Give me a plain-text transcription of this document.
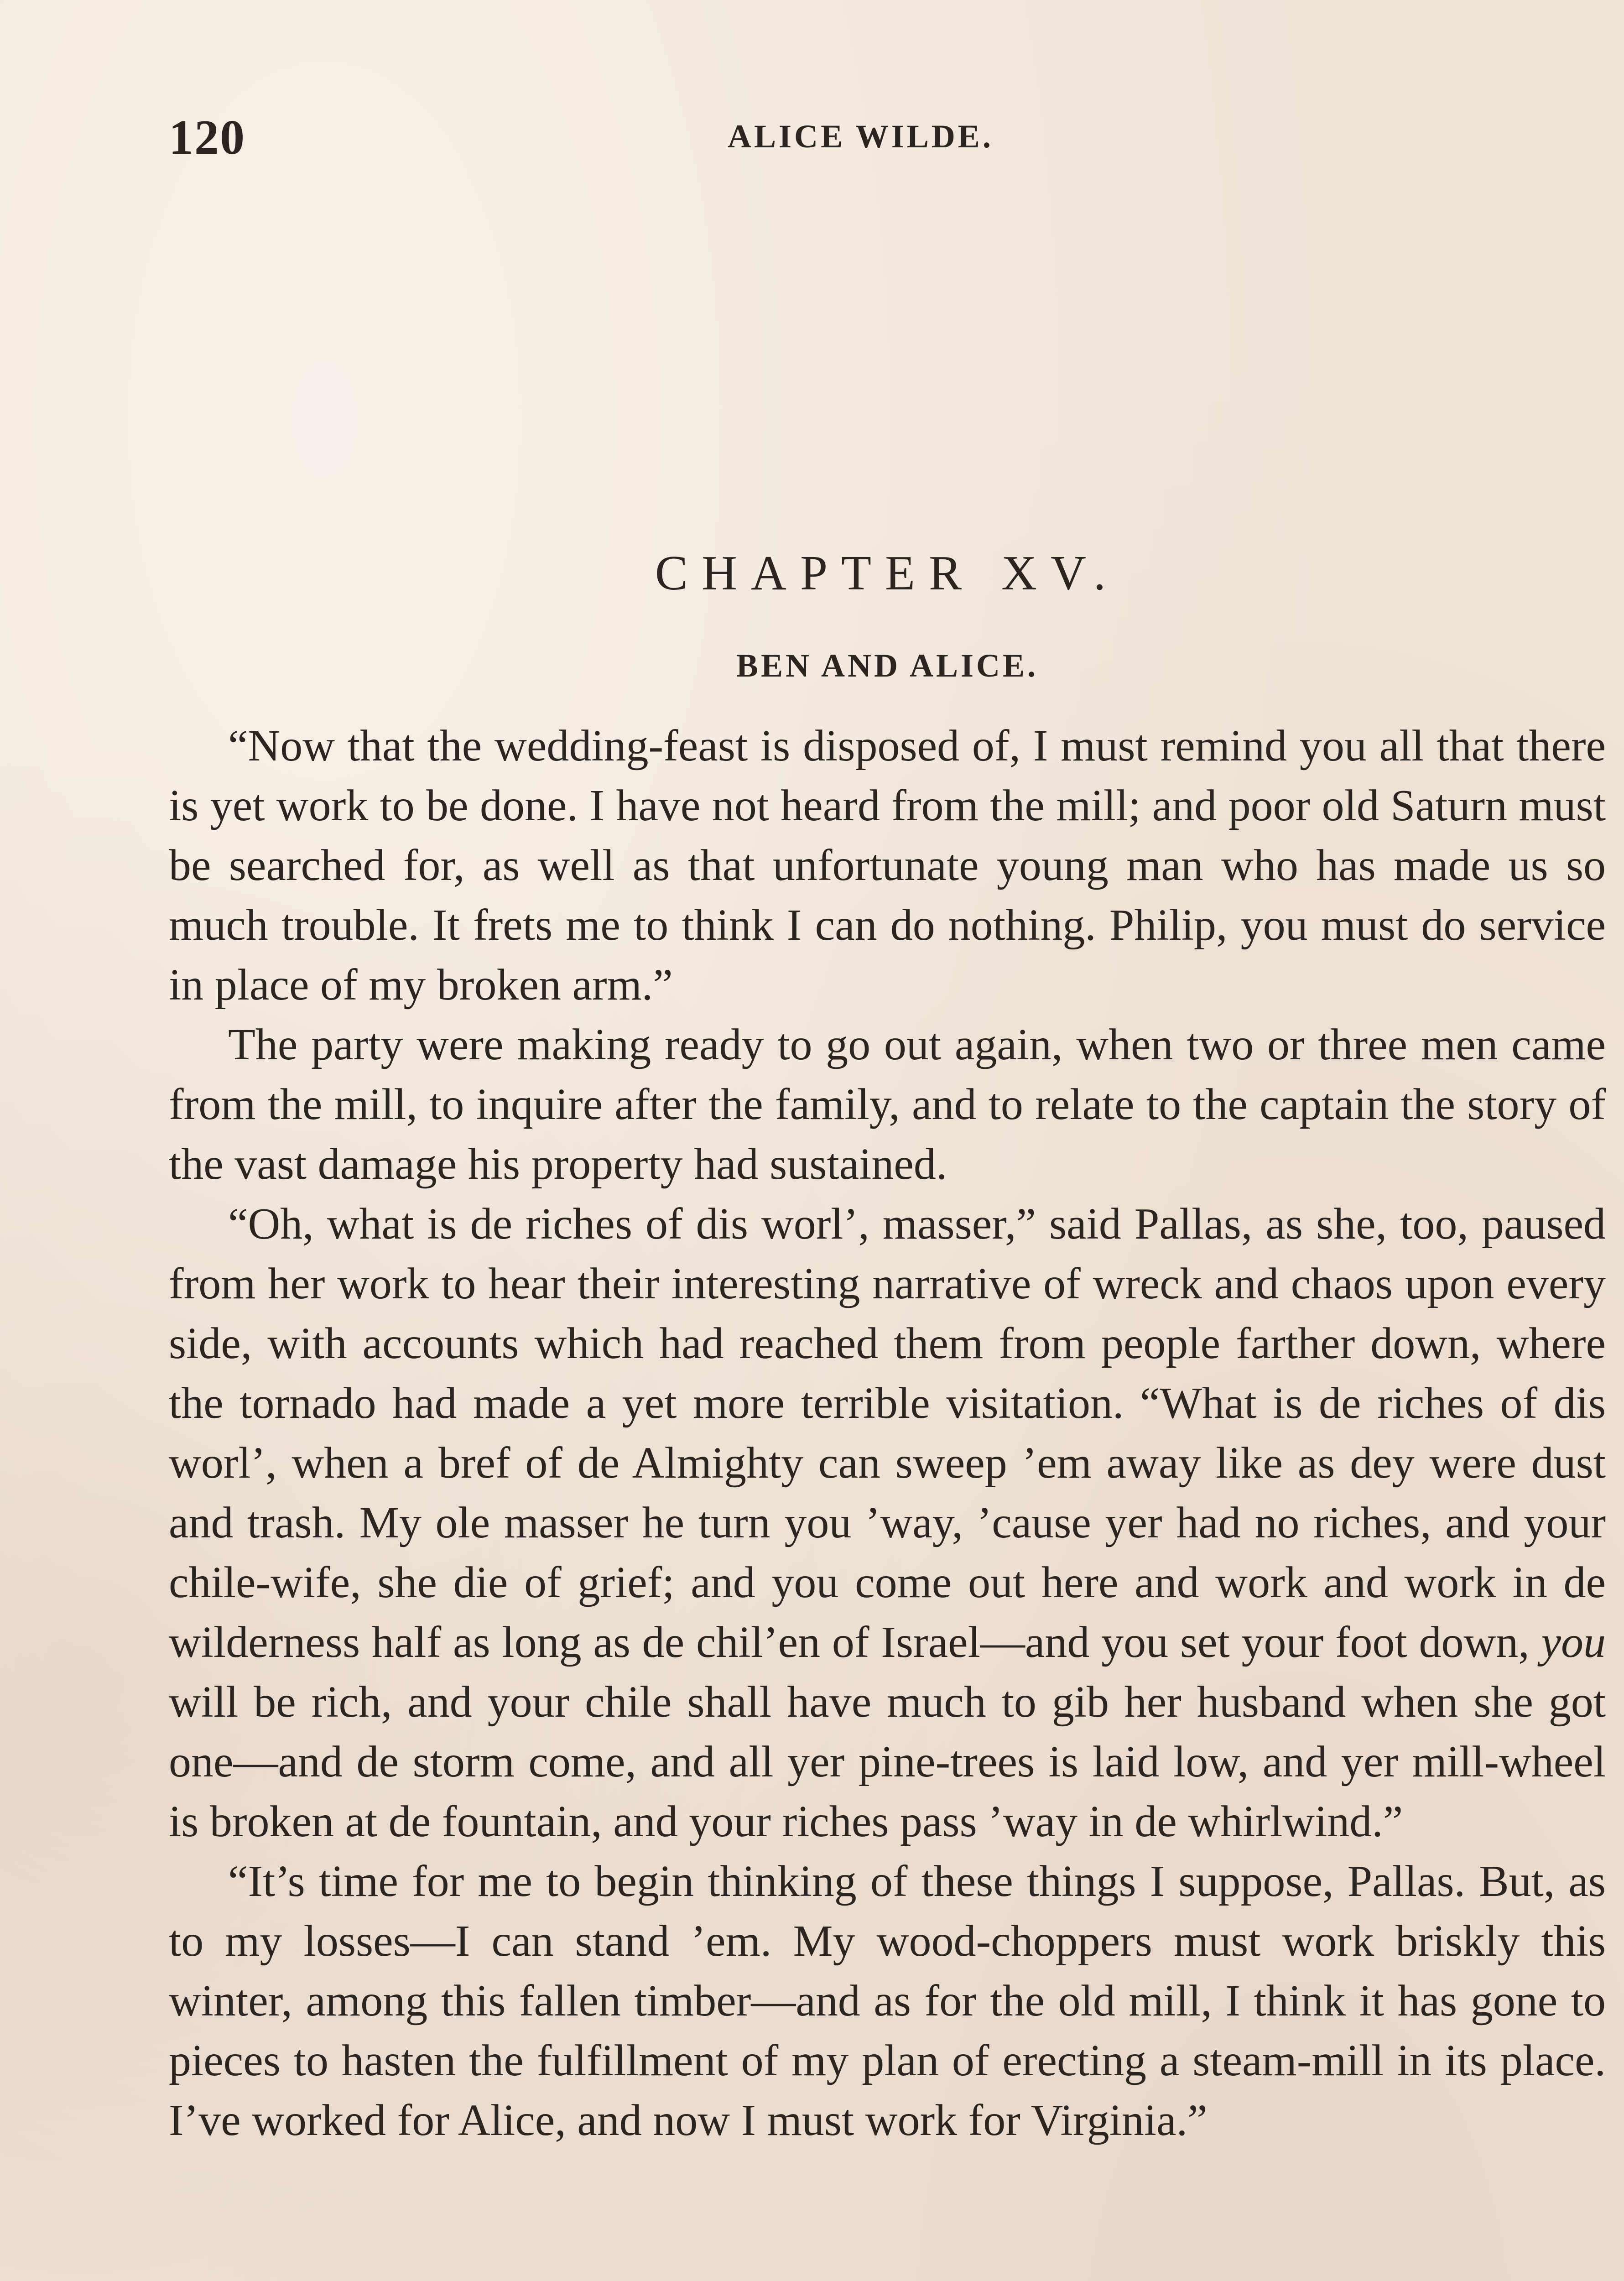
120	ALICE WILDE.
CHAPTER XV.
BEN AND ALICE.

“Now that the wedding-feast is disposed of, I must remind you all that there is yet work to be done. I have not heard from the mill; and poor old Saturn must be searched for, as well as that unfortunate young man who has made us so much trouble. It frets me to think I can do nothing. Philip, you must do service in place of my broken arm.”

The party were making ready to go out again, when two or three men came from the mill, to inquire after the family, and to relate to the captain the story of the vast damage his property had sustained.

“Oh, what is de riches of dis worl’, masser,” said Pallas, as she, too, paused from her work to hear their interesting narrative of wreck and chaos upon every side, with accounts which had reached them from people farther down, where the tornado had made a yet more terrible visitation. “What is de riches of dis worl’, when a bref of de Almighty can sweep ’em away like as dey were dust and trash. My ole masser he turn you ’way, ’cause yer had no riches, and your chile-wife, she die of grief; and you come out here and work and work in de wilderness half as long as de chil’en of Israel—and you set your foot down, you will be rich, and your chile shall have much to gib her husband when she got one—and de storm come, and all yer pine-trees is laid low, and yer mill-wheel is broken at de fountain, and your riches pass ’way in de whirlwind.”

“It’s time for me to begin thinking of these things I suppose, Pallas. But, as to my losses—I can stand ’em. My wood-choppers must work briskly this winter, among this fallen timber—and as for the old mill, I think it has gone to pieces to hasten the fulfillment of my plan of erecting a steam-mill in its place. I’ve worked for Alice, and now I must work for Virginia.”
